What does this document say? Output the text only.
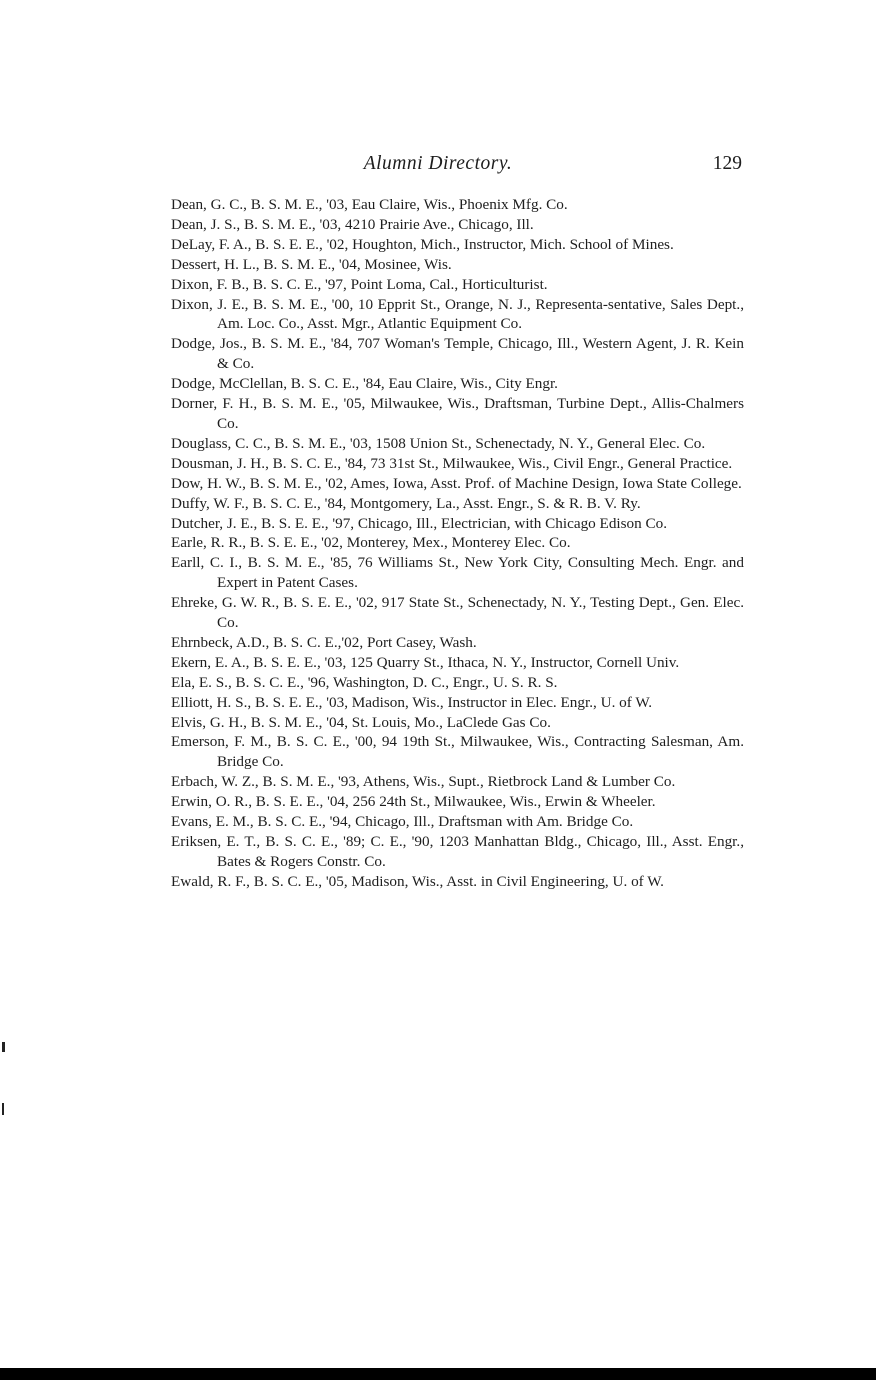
Alumni Directory.	129
Dean, G. C., B. S. M. E., '03, Eau Claire, Wis., Phoenix Mfg. Co.
Dean, J. S., B. S. M. E., '03, 4210 Prairie Ave., Chicago, Ill.
DeLay, F. A., B. S. E. E., '02, Houghton, Mich., Instructor, Mich. School of Mines.
Dessert, H. L., B. S. M. E., '04, Mosinee, Wis.
Dixon, F. B., B. S. C. E., '97, Point Loma, Cal., Horticulturist.
Dixon, J. E., B. S. M. E., '00, 10 Epprit St., Orange, N. J., Representa-sentative, Sales Dept., Am. Loc. Co., Asst. Mgr., Atlantic Equipment Co.
Dodge, Jos., B. S. M. E., '84, 707 Woman's Temple, Chicago, Ill., Western Agent, J. R. Kein & Co.
Dodge, McClellan, B. S. C. E., '84, Eau Claire, Wis., City Engr.
Dorner, F. H., B. S. M. E., '05, Milwaukee, Wis., Draftsman, Turbine Dept., Allis-Chalmers Co.
Douglass, C. C., B. S. M. E., '03, 1508 Union St., Schenectady, N. Y., General Elec. Co.
Dousman, J. H., B. S. C. E., '84, 73 31st St., Milwaukee, Wis., Civil Engr., General Practice.
Dow, H. W., B. S. M. E., '02, Ames, Iowa, Asst. Prof. of Machine Design, Iowa State College.
Duffy, W. F., B. S. C. E., '84, Montgomery, La., Asst. Engr., S. & R. B. V. Ry.
Dutcher, J. E., B. S. E. E., '97, Chicago, Ill., Electrician, with Chicago Edison Co.
Earle, R. R., B. S. E. E., '02, Monterey, Mex., Monterey Elec. Co.
Earll, C. I., B. S. M. E., '85, 76 Williams St., New York City, Consulting Mech. Engr. and Expert in Patent Cases.
Ehreke, G. W. R., B. S. E. E., '02, 917 State St., Schenectady, N. Y., Testing Dept., Gen. Elec. Co.
Ehrnbeck, A.D., B. S. C. E.,'02, Port Casey, Wash.
Ekern, E. A., B. S. E. E., '03, 125 Quarry St., Ithaca, N. Y., Instructor, Cornell Univ.
Ela, E. S., B. S. C. E., '96, Washington, D. C., Engr., U. S. R. S.
Elliott, H. S., B. S. E. E., '03, Madison, Wis., Instructor in Elec. Engr., U. of W.
Elvis, G. H., B. S. M. E., '04, St. Louis, Mo., LaClede Gas Co.
Emerson, F. M., B. S. C. E., '00, 94 19th St., Milwaukee, Wis., Contracting Salesman, Am. Bridge Co.
Erbach, W. Z., B. S. M. E., '93, Athens, Wis., Supt., Rietbrock Land & Lumber Co.
Erwin, O. R., B. S. E. E., '04, 256 24th St., Milwaukee, Wis., Erwin & Wheeler.
Evans, E. M., B. S. C. E., '94, Chicago, Ill., Draftsman with Am. Bridge Co.
Eriksen, E. T., B. S. C. E., '89; C. E., '90, 1203 Manhattan Bldg., Chicago, Ill., Asst. Engr., Bates & Rogers Constr. Co.
Ewald, R. F., B. S. C. E., '05, Madison, Wis., Asst. in Civil Engineering, U. of W.
